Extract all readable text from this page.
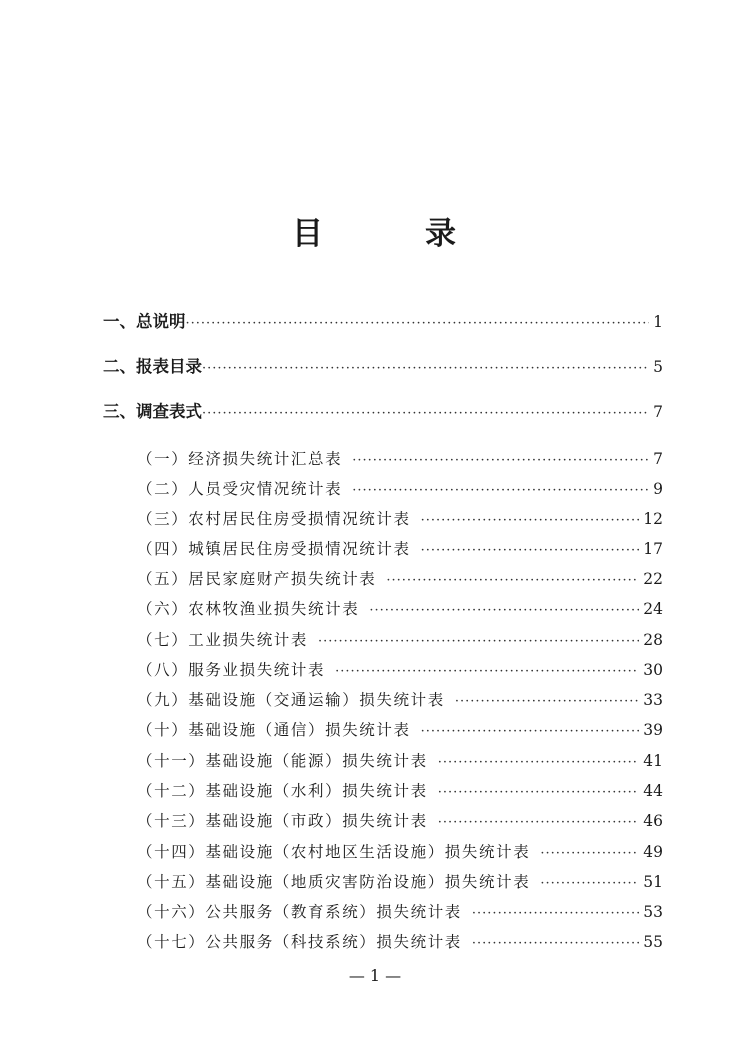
目	录
一、总说明 ·····	1
二、报表目录 ·····	5
三、调查表式 ·····	7
（一）经济损失统计汇总表 ·····	7
（二）人员受灾情况统计表 ·····	9
（三）农村居民住房受损情况统计表 ·····	12
（四）城镇居民住房受损情况统计表 ·····	17
（五）居民家庭财产损失统计表 ·····	22
（六）农林牧渔业损失统计表 ·····	24
（七）工业损失统计表 ·····	28
（八）服务业损失统计表 ·····	30
（九）基础设施（交通运输）损失统计表 ·····	33
（十）基础设施（通信）损失统计表 ·····	39
（十一）基础设施（能源）损失统计表 ·····	41
（十二）基础设施（水利）损失统计表 ·····	44
（十三）基础设施（市政）损失统计表 ·····	46
（十四）基础设施（农村地区生活设施）损失统计表 ·····	49
（十五）基础设施（地质灾害防治设施）损失统计表 ·····	51
（十六）公共服务（教育系统）损失统计表 ·····	53
（十七）公共服务（科技系统）损失统计表 ·····	55
— 1 —
